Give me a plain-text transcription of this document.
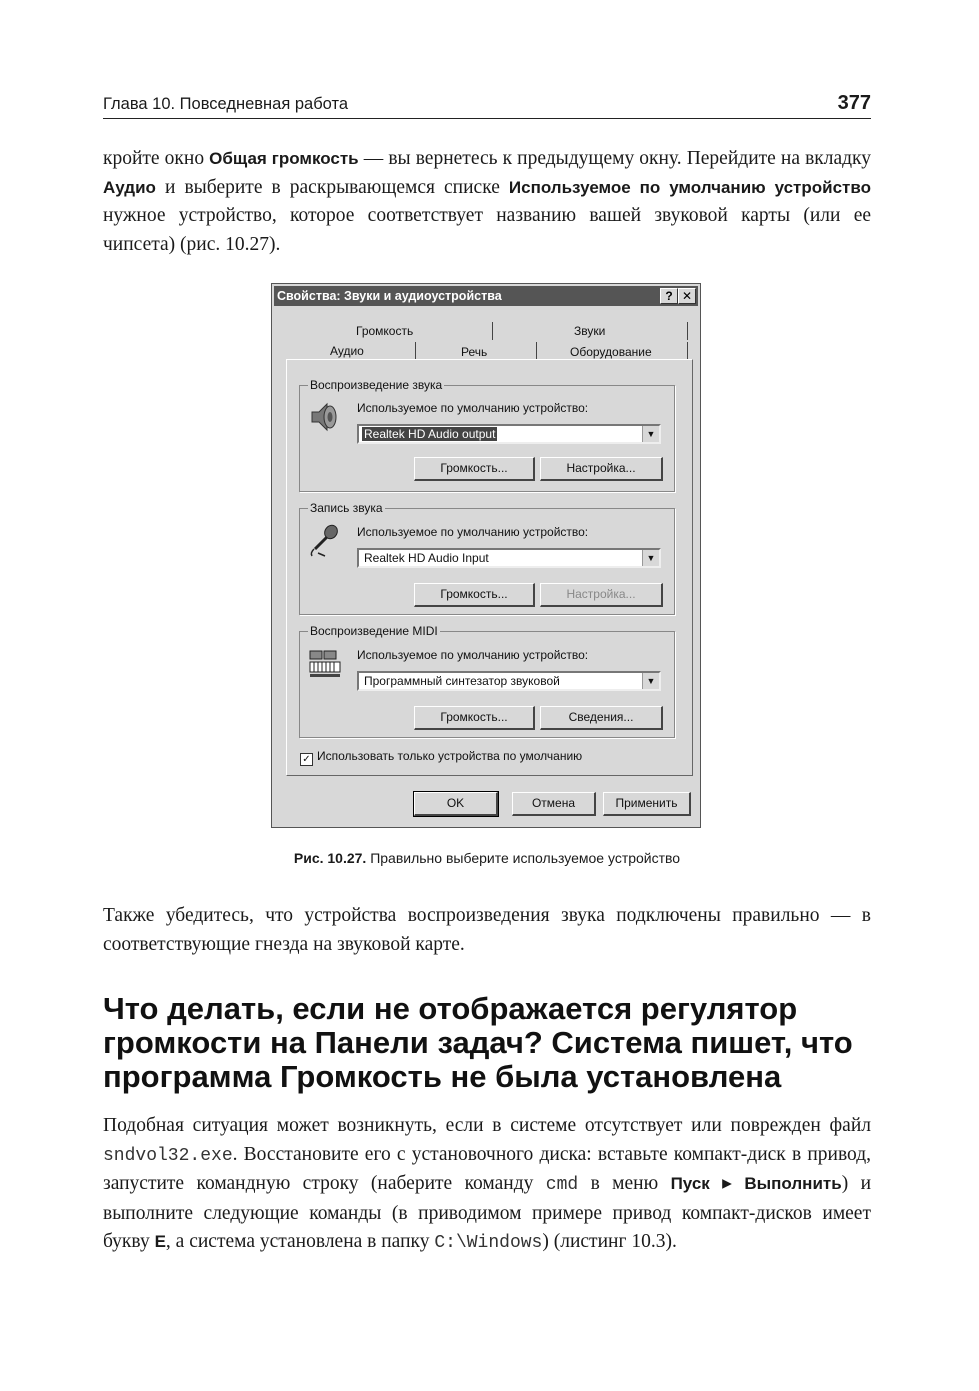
Глава 10. Повседневная работа	377
кройте окно Общая громкость — вы вернетесь к предыдущему окну. Перейдите на вкладку Аудио и выберите в раскрывающемся списке Используемое по умолчанию устройство нужное устройство, которое соответствует названию вашей звуковой карты (или ее чипсета) (рис. 10.27).
Свойства: Звуки и аудиоустройства	? ✕
Громкость	Звуки
Аудио	Речь	Оборудование
Воспроизведение звука
Используемое по умолчанию устройство:
Realtek HD Audio output	▼
Громкость...	Настройка...
Запись звука
Используемое по умолчанию устройство:
Realtek HD Audio Input	▼
Громкость...	Настройка...
Воспроизведение MIDI
Используемое по умолчанию устройство:
Программный синтезатор звуковой	▼
Громкость...	Сведения...
✓ Использовать только устройства по умолчанию
OK	Отмена	Применить
Рис. 10.27. Правильно выберите используемое устройство
Также убедитесь, что устройства воспроизведения звука подключены правильно — в соответствующие гнезда на звуковой карте.
Что делать, если не отображается регулятор громкости на Панели задач? Система пишет, что программа Громкость не была установлена
Подобная ситуация может возникнуть, если в системе отсутствует или поврежден файл sndvol32.exe. Восстановите его с установочного диска: вставьте компакт-диск в привод, запустите командную строку (наберите команду cmd в меню Пуск ▸ Выполнить) и выполните следующие команды (в приводимом примере привод компакт-дисков имеет букву E, а система установлена в папку C:\Windows) (листинг 10.3).
